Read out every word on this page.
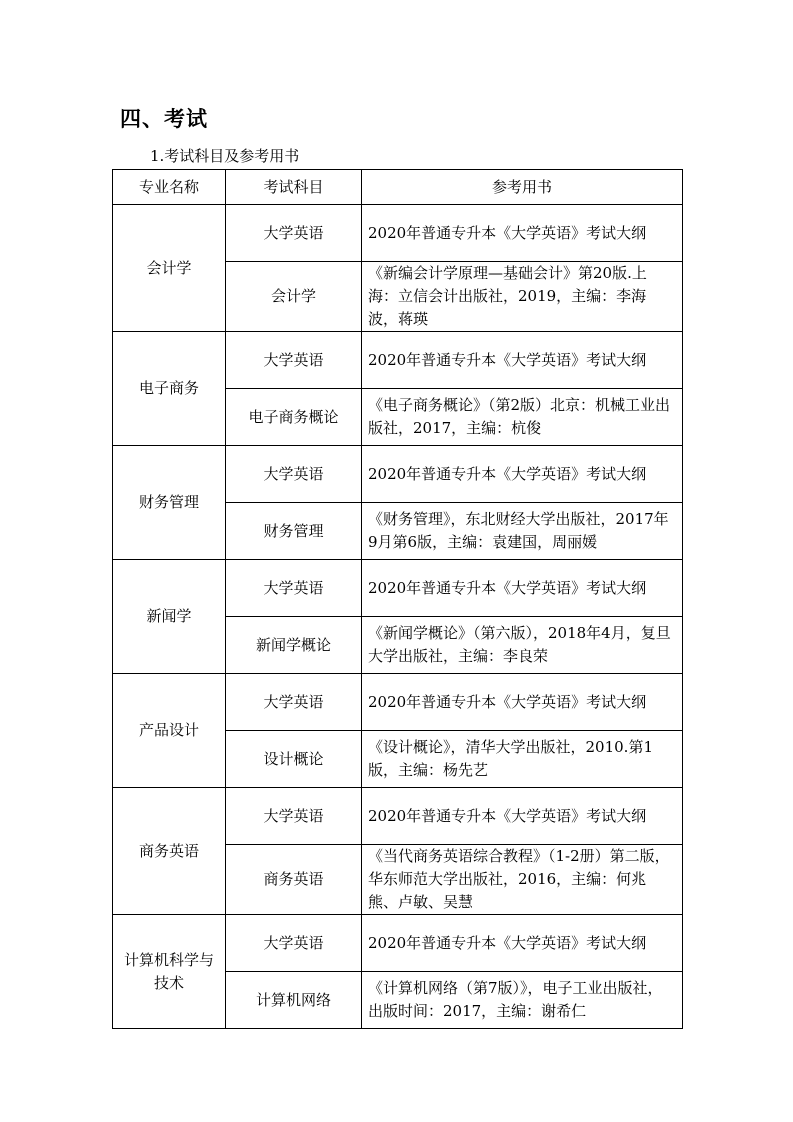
四、考试
1.考试科目及参考用书
专业名称	考试科目	参考用书
会计学	大学英语	2020年普通专升本《大学英语》考试大纲
	会计学	《新编会计学原理—基础会计》第20版.上海：立信会计出版社，2019，主编：李海波，蒋瑛
电子商务	大学英语	2020年普通专升本《大学英语》考试大纲
	电子商务概论	《电子商务概论》（第2版）北京：机械工业出版社，2017，主编：杭俊
财务管理	大学英语	2020年普通专升本《大学英语》考试大纲
	财务管理	《财务管理》，东北财经大学出版社，2017年9月第6版，主编：袁建国，周丽媛
新闻学	大学英语	2020年普通专升本《大学英语》考试大纲
	新闻学概论	《新闻学概论》（第六版），2018年4月，复旦大学出版社，主编：李良荣
产品设计	大学英语	2020年普通专升本《大学英语》考试大纲
	设计概论	《设计概论》，清华大学出版社，2010.第1版，主编：杨先艺
商务英语	大学英语	2020年普通专升本《大学英语》考试大纲
	商务英语	《当代商务英语综合教程》（1-2册）第二版，华东师范大学出版社，2016，主编：何兆熊、卢敏、吴慧
计算机科学与技术	大学英语	2020年普通专升本《大学英语》考试大纲
	计算机网络	《计算机网络（第7版）》，电子工业出版社，出版时间：2017，主编：谢希仁
